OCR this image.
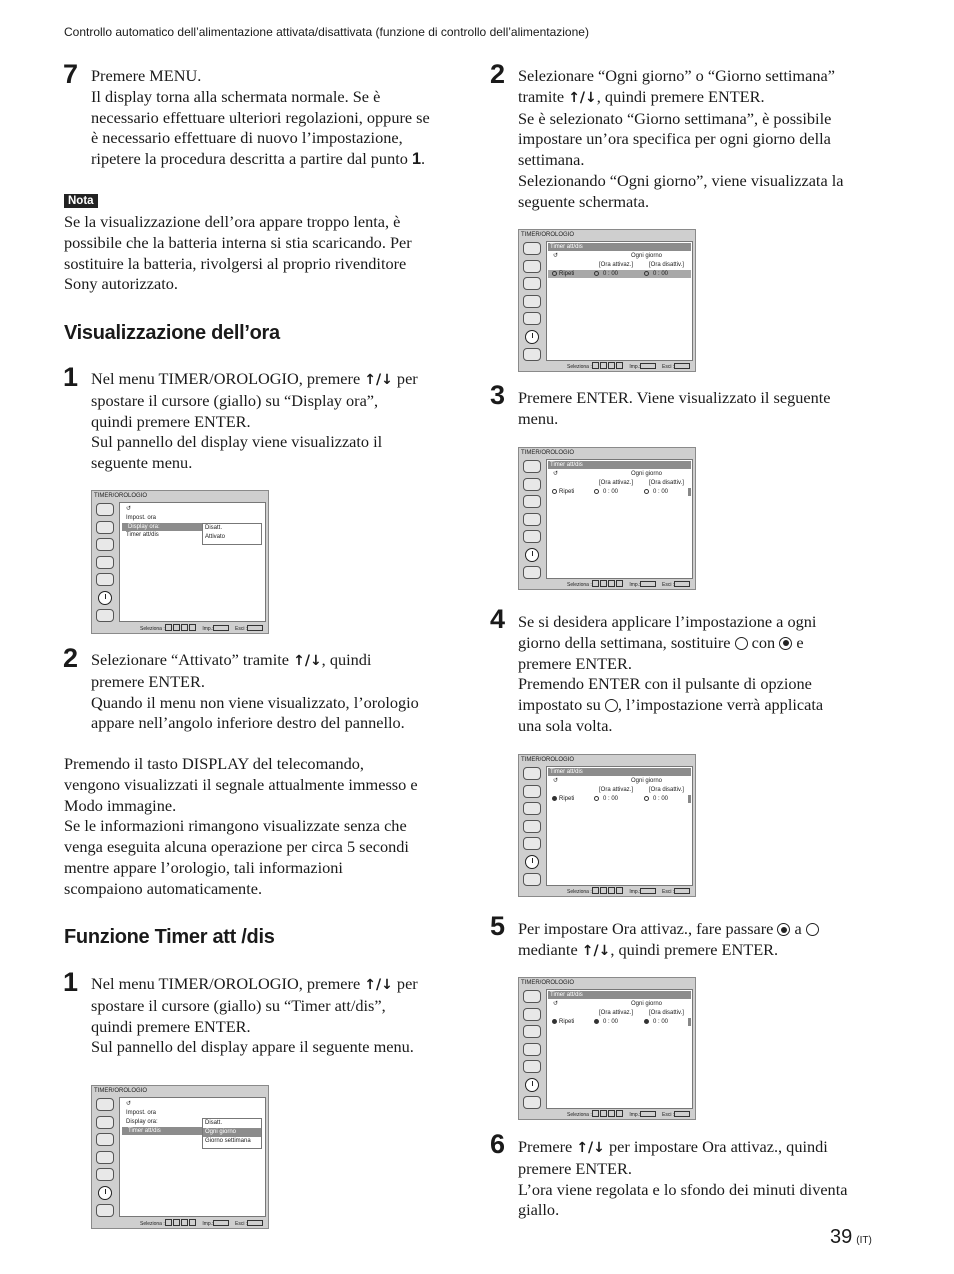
Controllo automatico dell’alimentazione attivata/disattivata (funzione di controllo dell’alimentazione)
7 Premere MENU.
Il display torna alla schermata normale. Se è
necessario effettuare ulteriori regolazioni, oppure se
è necessario effettuare di nuovo l’impostazione,
ripetere la procedura descritta a partire dal punto 1.
Nota
Se la visualizzazione dell’ora appare troppo lenta, è
possibile che la batteria interna si stia scaricando. Per
sostituire la batteria, rivolgersi al proprio rivenditore
Sony autorizzato.
Visualizzazione dell’ora
1 Nel menu TIMER/OROLOGIO, premere ↑/↓ per
spostare il cursore (giallo) su “Display ora”,
quindi premere ENTER.
Sul pannello del display viene visualizzato il
seguente menu.
TIMER/OROLOGIO
↺
Impost. ora
Display ora:
Timer att/dis
Disatt.
Attivato
Seleziona :	Imp.:	Esci :
2 Selezionare “Attivato” tramite ↑/↓, quindi
premere ENTER.
Quando il menu non viene visualizzato, l’orologio
appare nell’angolo inferiore destro del pannello.
Premendo il tasto DISPLAY del telecomando,
vengono visualizzati il segnale attualmente immesso e
Modo immagine.
Se le informazioni rimangono visualizzate senza che
venga eseguita alcuna operazione per circa 5 secondi
mentre appare l’orologio, tali informazioni
scompaiono automaticamente.
Funzione Timer att /dis
1 Nel menu TIMER/OROLOGIO, premere ↑/↓ per
spostare il cursore (giallo) su “Timer att/dis”,
quindi premere ENTER.
Sul pannello del display appare il seguente menu.
TIMER/OROLOGIO
↺
Impost. ora
Display ora:
Timer att/dis
Disatt.
Ogni giorno
Giorno settimana
Seleziona :	Imp.:	Esci :
2 Selezionare “Ogni giorno” o “Giorno settimana”
tramite ↑/↓, quindi premere ENTER.
Se è selezionato “Giorno settimana”, è possibile
impostare un’ora specifica per ogni giorno della
settimana.
Selezionando “Ogni giorno”, viene visualizzata la
seguente schermata.
TIMER/OROLOGIO
Timer att/dis
↺	Ogni giorno
[Ora attivaz.]	[Ora disattiv.]
Ripeti	0 : 00	0 : 00
Seleziona :	Imp.:	Esci :
TIMER/OROLOGIO
Timer att/dis
↺	Ogni giorno
[Ora attivaz.]	[Ora disattiv.]
Ripeti	0 : 00	0 : 00
Seleziona :	Imp.:	Esci :
TIMER/OROLOGIO
Timer att/dis
↺	Ogni giorno
[Ora attivaz.]	[Ora disattiv.]
Ripeti	0 : 00	0 : 00
Seleziona :	Imp.:	Esci :
TIMER/OROLOGIO
Timer att/dis
↺	Ogni giorno
[Ora attivaz.]	[Ora disattiv.]
Ripeti	0 : 00	0 : 00
Seleziona :	Imp.:	Esci :
3 Premere ENTER. Viene visualizzato il seguente
menu.
4 Se si desidera applicare l’impostazione a ogni
giorno della settimana, sostituire  con  e
premere ENTER.
Premendo ENTER con il pulsante di opzione
impostato su , l’impostazione verrà applicata
una sola volta.
5 Per impostare Ora attivaz., fare passare  a
mediante ↑/↓, quindi premere ENTER.
6 Premere ↑/↓ per impostare Ora attivaz., quindi
premere ENTER.
L’ora viene regolata e lo sfondo dei minuti diventa
giallo.
39 (IT)
